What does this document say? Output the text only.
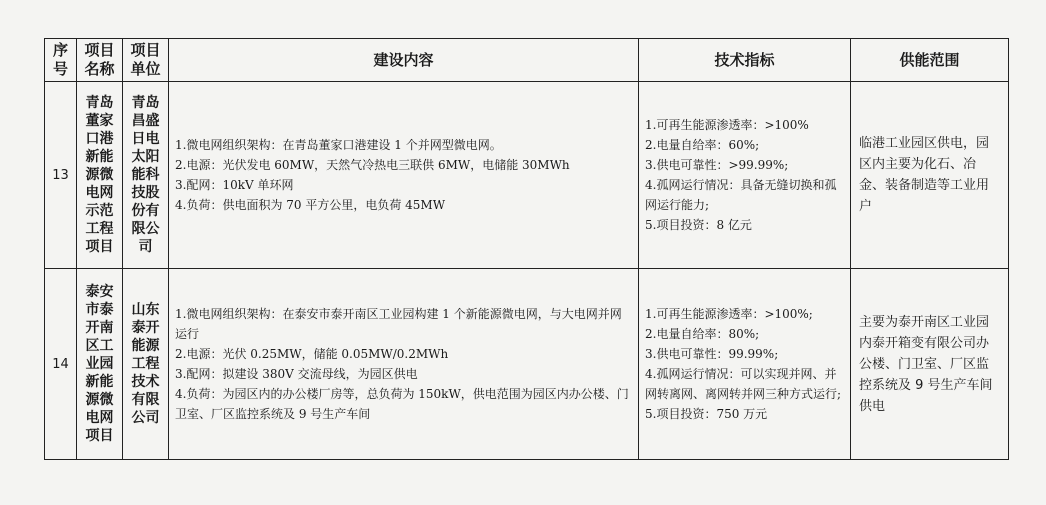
序号	项目名称	项目单位	建设内容	技术指标	供能范围
13	青岛董家口港新能源微电网示范工程项目	青岛昌盛日电太阳能科技股份有限公司	1.微电网组织架构：在青岛董家口港建设 1 个并网型微电网。
2.电源：光伏发电 60MW，天然气冷热电三联供 6MW，电储能 30MWh
3.配网：10kV 单环网
4.负荷：供电面积为 70 平方公里，电负荷 45MW	1.可再生能源渗透率：>100%
2.电量自给率：60%;
3.供电可靠性：>99.99%;
4.孤网运行情况：具备无缝切换和孤网运行能力;
5.项目投资：8 亿元	临港工业园区供电，园区内主要为化石、冶金、装备制造等工业用户
14	泰安市泰开南区工业园新能源微电网项目	山东泰开能源工程技术有限公司	1.微电网组织架构：在泰安市泰开南区工业园构建 1 个新能源微电网，与大电网并网运行
2.电源：光伏 0.25MW，储能 0.05MW/0.2MWh
3.配网：拟建设 380V 交流母线，为园区供电
4.负荷：为园区内的办公楼厂房等，总负荷为 150kW，供电范围为园区内办公楼、门卫室、厂区监控系统及 9 号生产车间	1.可再生能源渗透率：>100%;
2.电量自给率：80%;
3.供电可靠性：99.99%;
4.孤网运行情况：可以实现并网、并网转离网、离网转并网三种方式运行;
5.项目投资：750 万元	主要为泰开南区工业园内泰开箱变有限公司办公楼、门卫室、厂区监控系统及 9 号生产车间供电
